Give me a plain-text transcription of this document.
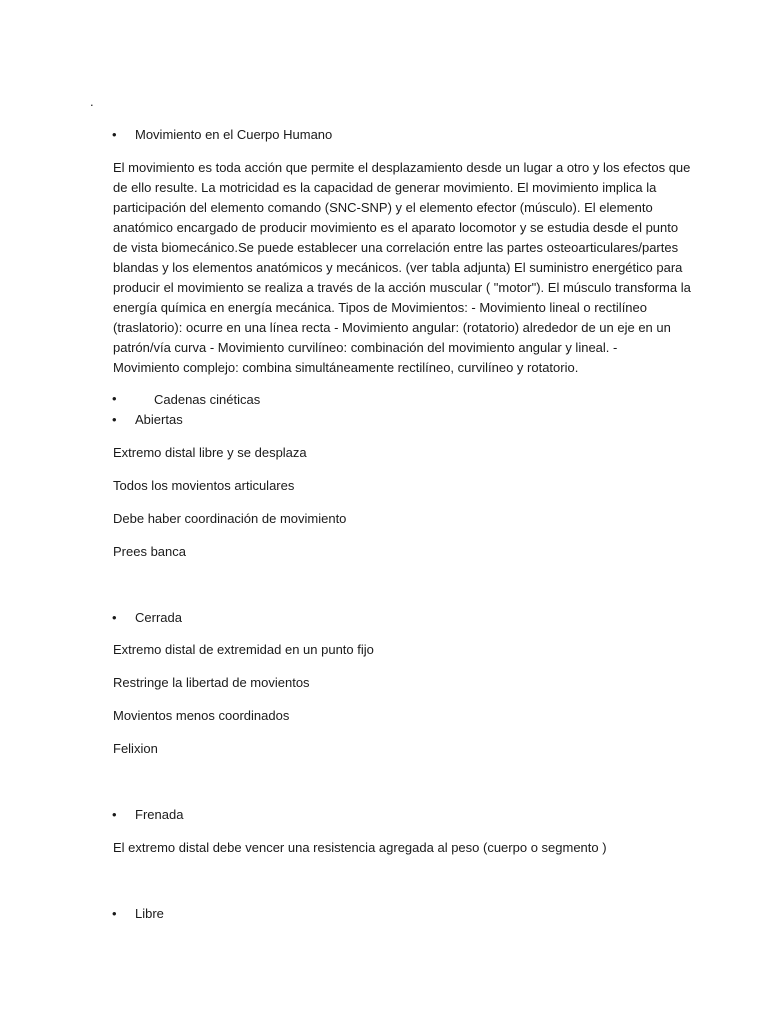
.
• Movimiento en el Cuerpo Humano
El movimiento es toda acción que permite el desplazamiento desde un lugar a otro y los efectos que
de ello resulte. La motricidad es la capacidad de generar movimiento. El movimiento implica la
participación del elemento comando (SNC-SNP) y el elemento efector (músculo). El elemento
anatómico encargado de producir movimiento es el aparato locomotor y se estudia desde el punto
de vista biomecánico.Se puede establecer una correlación entre las partes osteoarticulares/partes
blandas y los elementos anatómicos y mecánicos. (ver tabla adjunta) El suministro energético para
producir el movimiento se realiza a través de la acción muscular ( "motor"). El músculo transforma la
energía química en energía mecánica. Tipos de Movimientos: - Movimiento lineal o rectilíneo
(traslatorio): ocurre en una línea recta - Movimiento angular: (rotatorio) alrededor de un eje en un
patrón/vía curva - Movimiento curvilíneo: combinación del movimiento angular y lineal. -
Movimiento complejo: combina simultáneamente rectilíneo, curvilíneo y rotatorio.
•	Cadenas cinéticas
• Abiertas
Extremo distal libre y se desplaza
Todos los movientos articulares
Debe haber coordinación de movimiento
Prees banca
• Cerrada
Extremo distal de extremidad en un punto fijo
Restringe la libertad de movientos
Movientos menos coordinados
Felixion
• Frenada
El extremo distal debe vencer una resistencia agregada al peso (cuerpo o segmento )
• Libre
